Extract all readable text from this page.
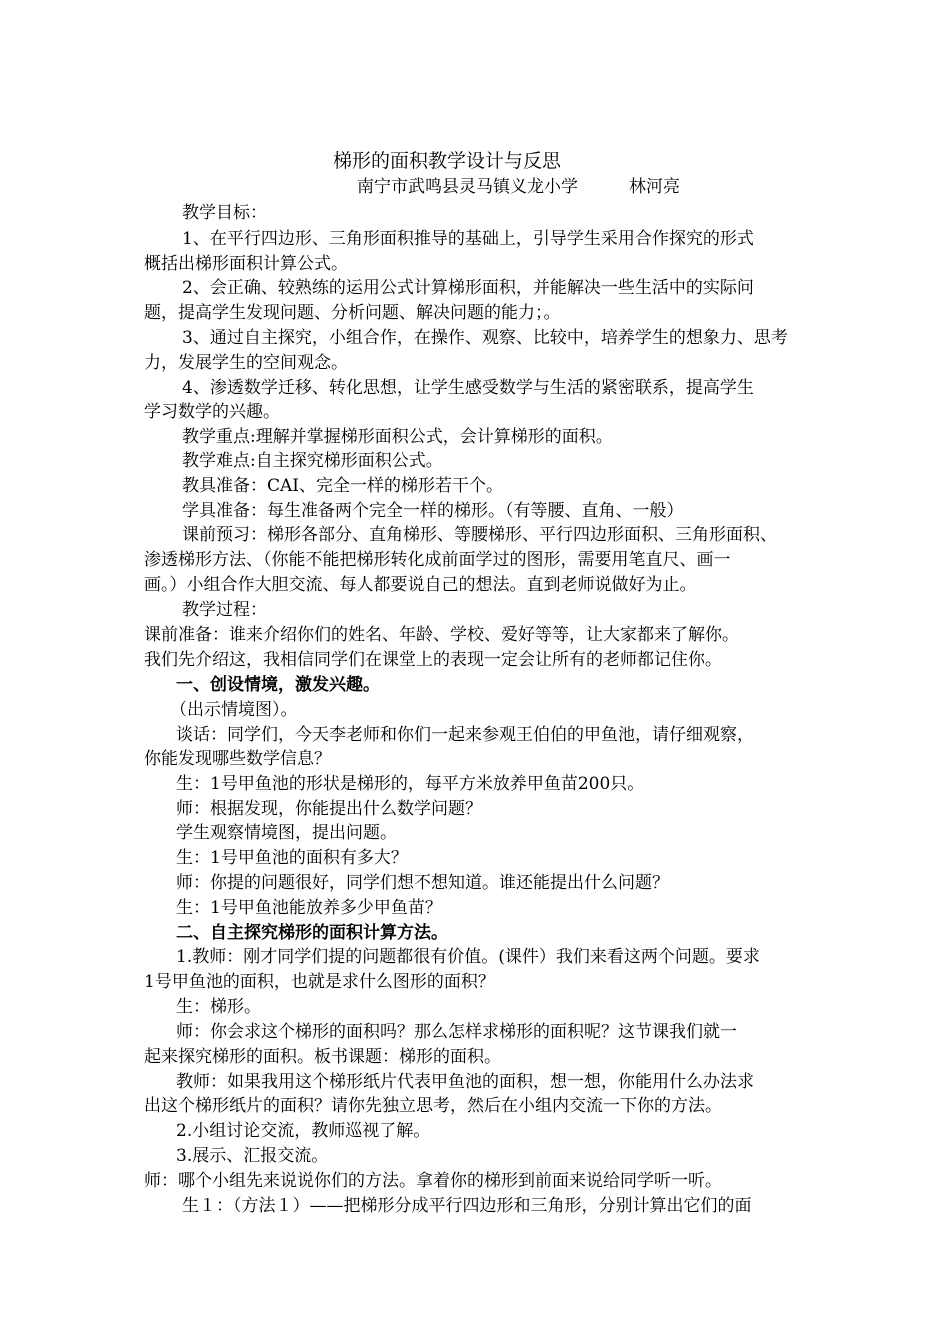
梯形的面积教学设计与反思
南宁市武鸣县灵马镇义龙小学　　　林河亮
教学目标：
1、在平行四边形、三角形面积推导的基础上，引导学生采用合作探究的形式
概括出梯形面积计算公式。
2、会正确、较熟练的运用公式计算梯形面积，并能解决一些生活中的实际问
题，提高学生发现问题、分析问题、解决问题的能力；。
3、通过自主探究，小组合作，在操作、观察、比较中，培养学生的想象力、思考
力，发展学生的空间观念。
4、渗透数学迁移、转化思想，让学生感受数学与生活的紧密联系，提高学生
学习数学的兴趣。
教学重点:理解并掌握梯形面积公式，会计算梯形的面积。
教学难点:自主探究梯形面积公式。
教具准备：CAI、完全一样的梯形若干个。
学具准备：每生准备两个完全一样的梯形。（有等腰、直角、一般）
课前预习：梯形各部分、直角梯形、等腰梯形、平行四边形面积、三角形面积、
渗透梯形方法、（你能不能把梯形转化成前面学过的图形，需要用笔直尺、画一
画。）小组合作大胆交流、每人都要说自己的想法。直到老师说做好为止。
教学过程：
课前准备：谁来介绍你们的姓名、年龄、学校、爱好等等，让大家都来了解你。
我们先介绍这，我相信同学们在课堂上的表现一定会让所有的老师都记住你。
一、创设情境，激发兴趣。
（出示情境图）。
谈话：同学们，今天李老师和你们一起来参观王伯伯的甲鱼池，请仔细观察，
你能发现哪些数学信息？
生：1号甲鱼池的形状是梯形的，每平方米放养甲鱼苗200只。
师：根据发现，你能提出什么数学问题？
学生观察情境图，提出问题。
生：1号甲鱼池的面积有多大？
师：你提的问题很好，同学们想不想知道。谁还能提出什么问题？
生：1号甲鱼池能放养多少甲鱼苗？
二、自主探究梯形的面积计算方法。
1.教师：刚才同学们提的问题都很有价值。(课件）我们来看这两个问题。要求
1号甲鱼池的面积，也就是求什么图形的面积？
生：梯形。
师：你会求这个梯形的面积吗？那么怎样求梯形的面积呢？这节课我们就一
起来探究梯形的面积。板书课题：梯形的面积。
教师：如果我用这个梯形纸片代表甲鱼池的面积，想一想，你能用什么办法求
出这个梯形纸片的面积？请你先独立思考，然后在小组内交流一下你的方法。
2.小组讨论交流，教师巡视了解。
3.展示、汇报交流。
师：哪个小组先来说说你们的方法。拿着你的梯形到前面来说给同学听一听。
生１：（方法１）——把梯形分成平行四边形和三角形，分别计算出它们的面
